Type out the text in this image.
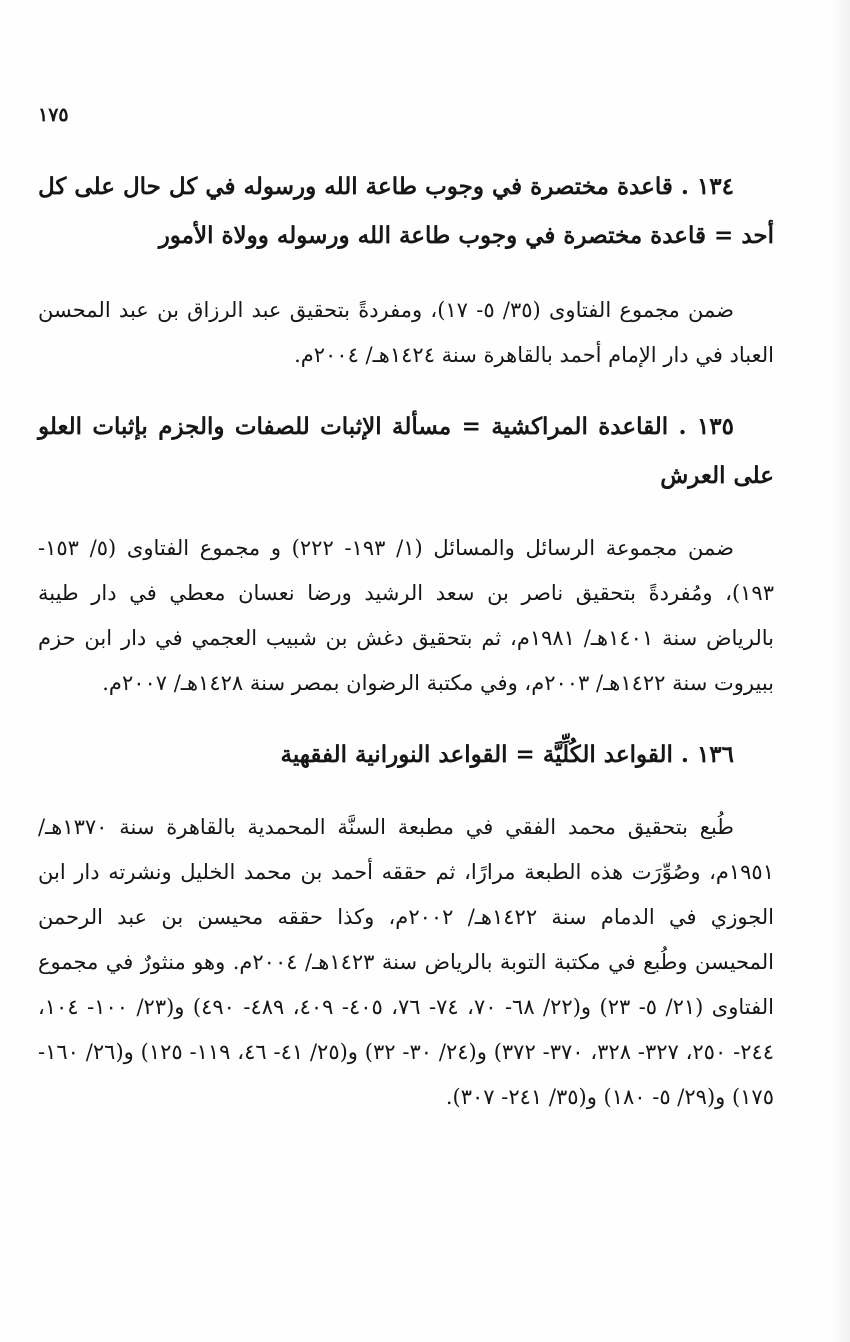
١٧٥

١٣٤ . قاعدة مختصرة في وجوب طاعة الله ورسوله في كل حال على كل أحد = قاعدة مختصرة في وجوب طاعة الله ورسوله وولاة الأمور

ضمن مجموع الفتاوى (٣٥/ ٥- ١٧)، ومفردةً بتحقيق عبد الرزاق بن عبد المحسن العباد في دار الإمام أحمد بالقاهرة سنة ١٤٢٤هـ/ ٢٠٠٤م.

١٣٥ . القاعدة المراكشية = مسألة الإثبات للصفات والجزم بإثبات العلو على العرش

ضمن مجموعة الرسائل والمسائل (١/ ١٩٣- ٢٢٢) و مجموع الفتاوى (٥/ ١٥٣- ١٩٣)، ومُفردةً بتحقيق ناصر بن سعد الرشيد ورضا نعسان معطي في دار طيبة بالرياض سنة ١٤٠١هـ/ ١٩٨١م، ثم بتحقيق دغش بن شبيب العجمي في دار ابن حزم ببيروت سنة ١٤٢٢هـ/ ٢٠٠٣م، وفي مكتبة الرضوان بمصر سنة ١٤٢٨هـ/ ٢٠٠٧م.

١٣٦ . القواعد الكُلِّيَّة = القواعد النورانية الفقهية

طُبع بتحقيق محمد الفقي في مطبعة السنَّة المحمدية بالقاهرة سنة ١٣٧٠هـ/ ١٩٥١م، وصُوِّرَت هذه الطبعة مرارًا، ثم حققه أحمد بن محمد الخليل ونشرته دار ابن الجوزي في الدمام سنة ١٤٢٢هـ/ ٢٠٠٢م، وكذا حققه محيسن بن عبد الرحمن المحيسن وطُبع في مكتبة التوبة بالرياض سنة ١٤٢٣هـ/ ٢٠٠٤م. وهو منثورٌ في مجموع الفتاوى (٢١/ ٥- ٢٣) و(٢٢/ ٦٨- ٧٠، ٧٤- ٧٦، ٤٠٥- ٤٠٩، ٤٨٩- ٤٩٠) و(٢٣/ ١٠٠- ١٠٤، ٢٤٤- ٢٥٠، ٣٢٧- ٣٢٨، ٣٧٠- ٣٧٢) و(٢٤/ ٣٠- ٣٢) و(٢٥/ ٤١- ٤٦، ١١٩- ١٢٥) و(٢٦/ ١٦٠- ١٧٥) و(٢٩/ ٥- ١٨٠) و(٣٥/ ٢٤١- ٣٠٧).
